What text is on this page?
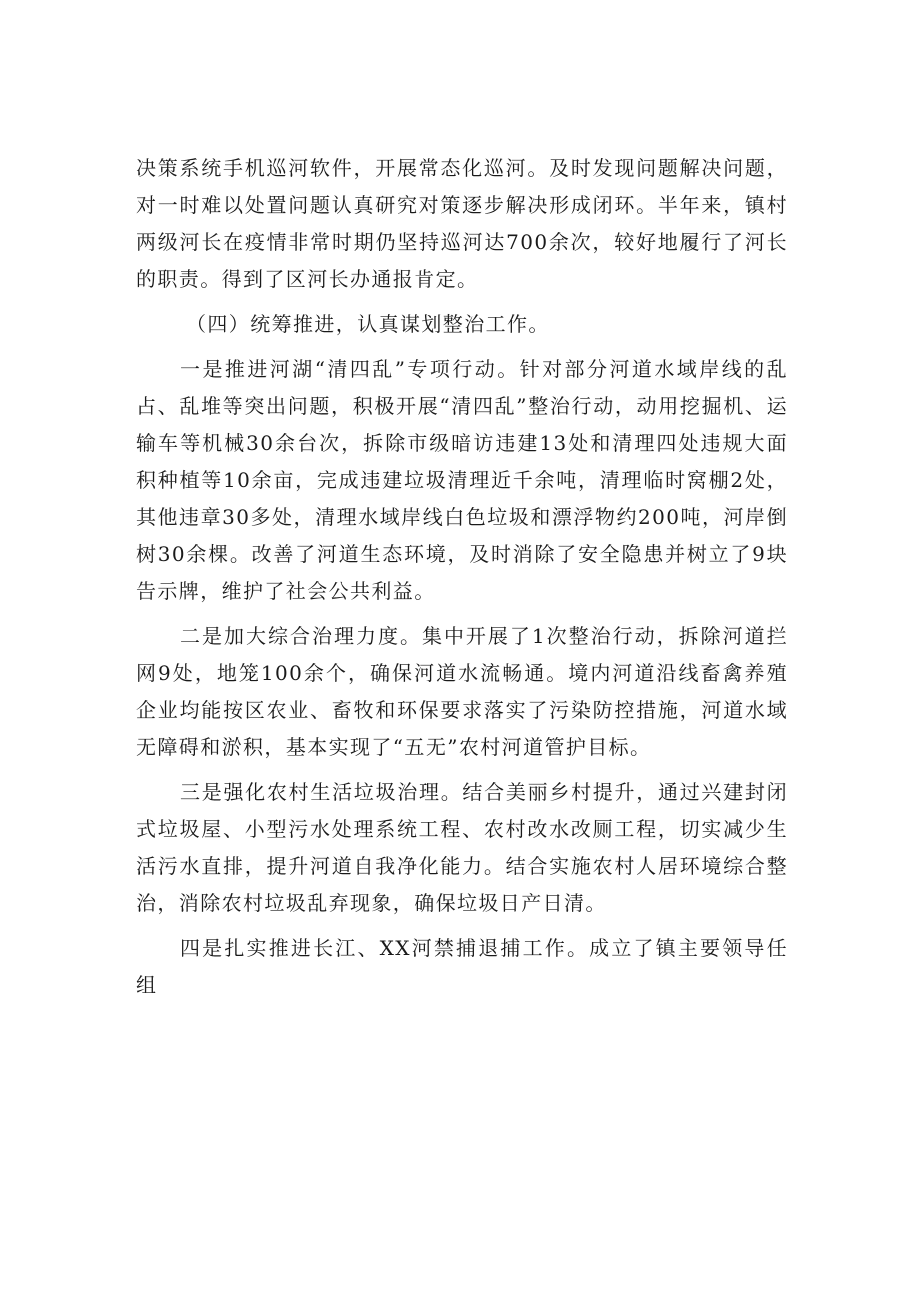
决策系统手机巡河软件，开展常态化巡河。及时发现问题解决问题，对一时难以处置问题认真研究对策逐步解决形成闭环。半年来，镇村两级河长在疫情非常时期仍坚持巡河达700余次，较好地履行了河长的职责。得到了区河长办通报肯定。

（四）统筹推进，认真谋划整治工作。

一是推进河湖“清四乱”专项行动。针对部分河道水域岸线的乱占、乱堆等突出问题，积极开展“清四乱”整治行动，动用挖掘机、运输车等机械30余台次，拆除市级暗访违建13处和清理四处违规大面积种植等10余亩，完成违建垃圾清理近千余吨，清理临时窝棚2处，其他违章30多处，清理水域岸线白色垃圾和漂浮物约200吨，河岸倒树30余棵。改善了河道生态环境，及时消除了安全隐患并树立了9块告示牌，维护了社会公共利益。

二是加大综合治理力度。集中开展了1次整治行动，拆除河道拦网9处，地笼100余个，确保河道水流畅通。境内河道沿线畜禽养殖企业均能按区农业、畜牧和环保要求落实了污染防控措施，河道水域无障碍和淤积，基本实现了“五无”农村河道管护目标。

三是强化农村生活垃圾治理。结合美丽乡村提升，通过兴建封闭式垃圾屋、小型污水处理系统工程、农村改水改厕工程，切实减少生活污水直排，提升河道自我净化能力。结合实施农村人居环境综合整治，消除农村垃圾乱弃现象，确保垃圾日产日清。

四是扎实推进长江、XX河禁捕退捕工作。成立了镇主要领导任组
